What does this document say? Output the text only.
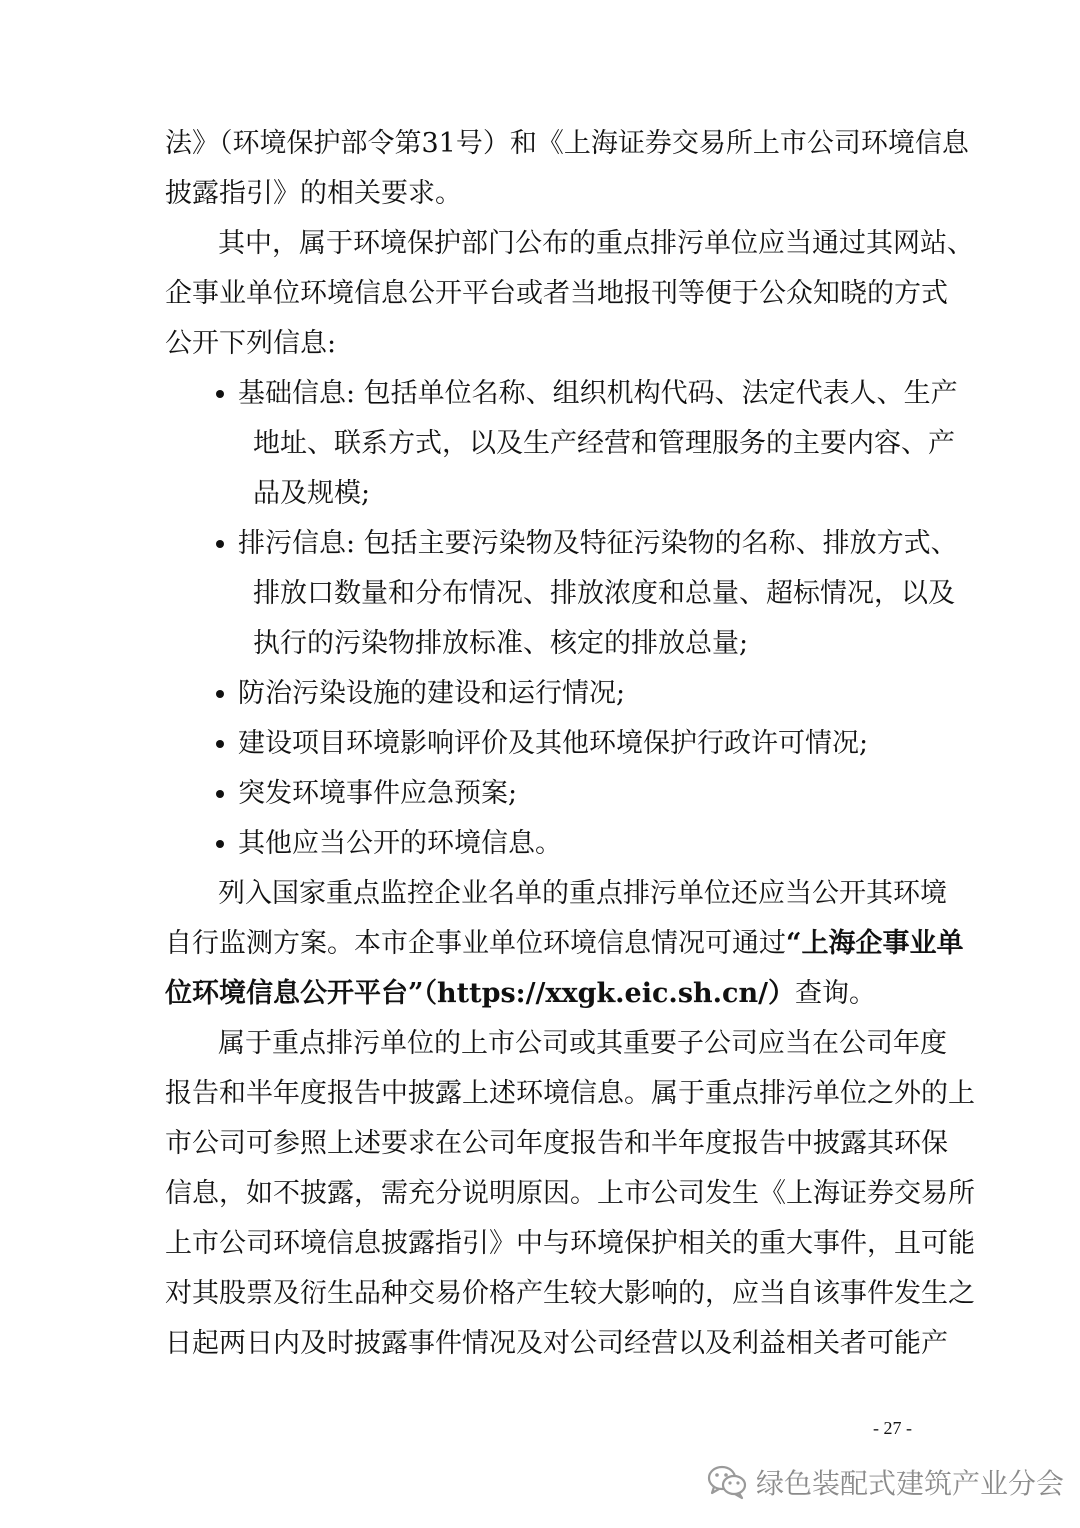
法》（环境保护部令第31号）和《上海证券交易所上市公司环境信息
披露指引》的相关要求。
其中，属于环境保护部门公布的重点排污单位应当通过其网站、
企事业单位环境信息公开平台或者当地报刊等便于公众知晓的方式
公开下列信息:
基础信息: 包括单位名称、组织机构代码、法定代表人、生产
地址、联系方式，以及生产经营和管理服务的主要内容、产
品及规模;
排污信息: 包括主要污染物及特征污染物的名称、排放方式、
排放口数量和分布情况、排放浓度和总量、超标情况，以及
执行的污染物排放标准、核定的排放总量;
防治污染设施的建设和运行情况;
建设项目环境影响评价及其他环境保护行政许可情况;
突发环境事件应急预案;
其他应当公开的环境信息。
列入国家重点监控企业名单的重点排污单位还应当公开其环境
自行监测方案。本市企事业单位环境信息情况可通过“上海企事业单
位环境信息公开平台”（https://xxgk.eic.sh.cn/）查询。
属于重点排污单位的上市公司或其重要子公司应当在公司年度
报告和半年度报告中披露上述环境信息。属于重点排污单位之外的上
市公司可参照上述要求在公司年度报告和半年度报告中披露其环保
信息，如不披露，需充分说明原因。上市公司发生《上海证券交易所
上市公司环境信息披露指引》中与环境保护相关的重大事件，且可能
对其股票及衍生品种交易价格产生较大影响的，应当自该事件发生之
日起两日内及时披露事件情况及对公司经营以及利益相关者可能产
- 27 -
绿色装配式建筑产业分会
